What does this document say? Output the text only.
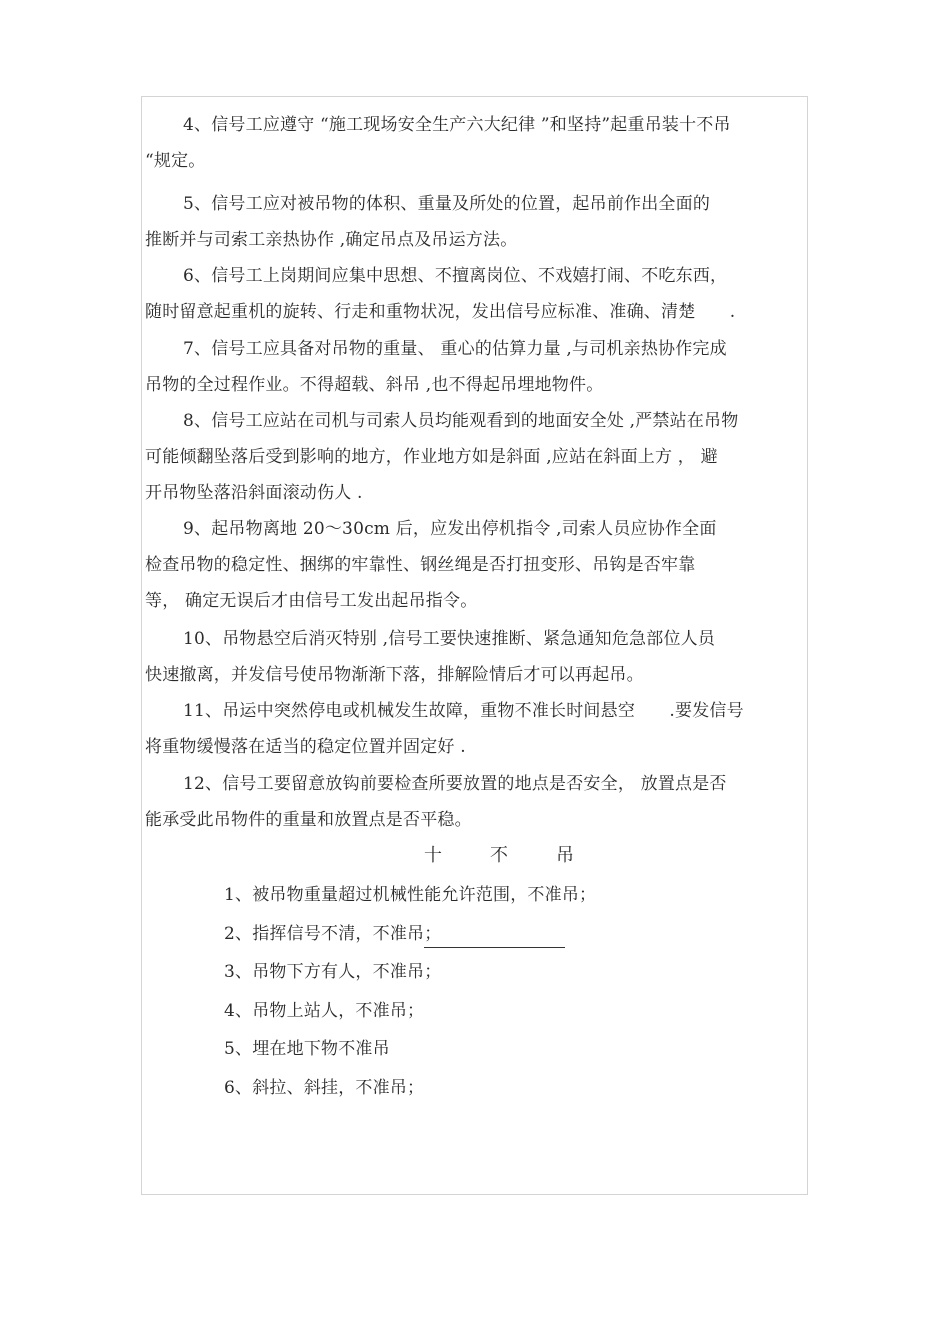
4、信号工应遵守 “施工现场安全生产六大纪律 ”和坚持”起重吊装十不吊
“规定。
5、信号工应对被吊物的体积、重量及所处的位置，起吊前作出全面的
推断并与司索工亲热协作 ,确定吊点及吊运方法。
6、信号工上岗期间应集中思想、不擅离岗位、不戏嬉打闹、不吃东西，
随时留意起重机的旋转、行走和重物状况，发出信号应标准、准确、清楚　　.
7、信号工应具备对吊物的重量、 重心的估算力量 ,与司机亲热协作完成
吊物的全过程作业。不得超载、斜吊 ,也不得起吊埋地物件。
8、信号工应站在司机与司索人员均能观看到的地面安全处 ,严禁站在吊物
可能倾翻坠落后受到影响的地方，作业地方如是斜面 ,应站在斜面上方 ， 避
开吊物坠落沿斜面滚动伤人 .
9、起吊物离地 20～30cm 后，应发出停机指令 ,司索人员应协作全面
检查吊物的稳定性、捆绑的牢靠性、钢丝绳是否打扭变形、吊钩是否牢靠
等， 确定无误后才由信号工发出起吊指令。
10、吊物悬空后消灭特别 ,信号工要快速推断、紧急通知危急部位人员
快速撤离，并发信号使吊物渐渐下落，排解险情后才可以再起吊。
11、吊运中突然停电或机械发生故障，重物不准长时间悬空　　.要发信号
将重物缓慢落在适当的稳定位置并固定好 .
12、信号工要留意放钩前要检查所要放置的地点是否安全， 放置点是否
能承受此吊物件的重量和放置点是否平稳。
十	不	吊
1、被吊物重量超过机械性能允许范围，不准吊；
2、指挥信号不清，不准吊；
3、吊物下方有人，不准吊；
4、吊物上站人，不准吊；
5、埋在地下物不准吊
6、斜拉、斜挂，不准吊；
